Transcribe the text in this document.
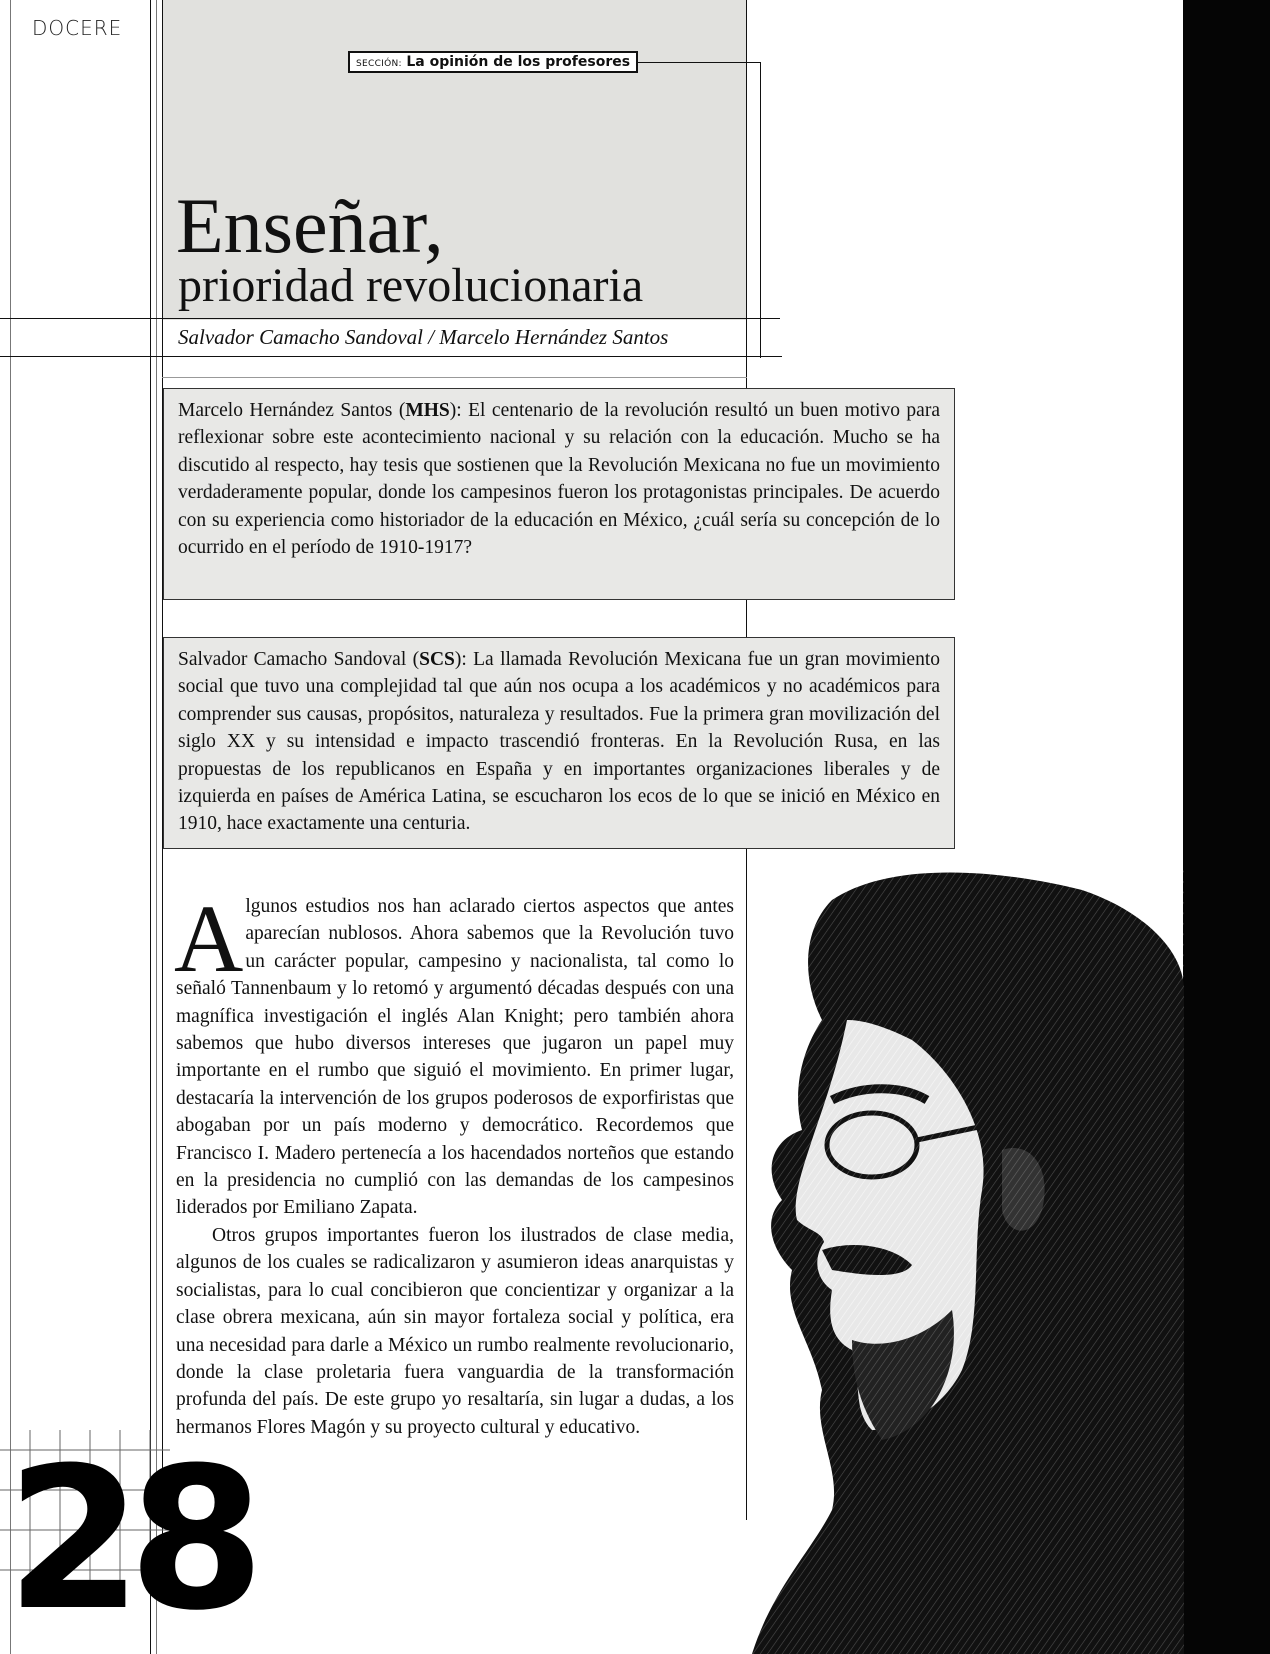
DOCERE
SECCIÓN: La opinión de los profesores
Enseñar,
prioridad revolucionaria
Salvador Camacho Sandoval / Marcelo Hernández Santos
Marcelo Hernández Santos (MHS): El centenario de la revolución resultó un buen motivo para reflexionar sobre este acontecimiento nacional y su relación con la educación. Mucho se ha discutido al respecto, hay tesis que sostienen que la Revolución Mexicana no fue un movimiento verdaderamente popular, donde los campesinos fueron los protagonistas principales. De acuerdo con su experiencia como historiador de la educación en México, ¿cuál sería su concepción de lo ocurrido en el período de 1910-1917?
Salvador Camacho Sandoval (SCS): La llamada Revolución Mexicana fue un gran movimiento social que tuvo una complejidad tal que aún nos ocupa a los académicos y no académicos para comprender sus causas, propósitos, naturaleza y resultados. Fue la primera gran movilización del siglo XX y su intensidad e impacto trascendió fronteras. En la Revolución Rusa, en las propuestas de los republicanos en España y en importantes organizaciones liberales y de izquierda en países de América Latina, se escucharon los ecos de lo que se inició en México en 1910, hace exactamente una centuria.

Algunos estudios nos han aclarado ciertos aspectos que antes aparecían nublosos. Ahora sabemos que la Revolución tuvo un carácter popular, campesino y nacionalista, tal como lo señaló Tannenbaum y lo retomó y argumentó décadas después con una magnífica investigación el inglés Alan Knight; pero también ahora sabemos que hubo diversos intereses que jugaron un papel muy importante en el rumbo que siguió el movimiento. En primer lugar, destacaría la intervención de los grupos poderosos de exporfiristas que abogaban por un país moderno y democrático. Recordemos que Francisco I. Madero pertenecía a los hacendados norteños que estando en la presidencia no cumplió con las demandas de los campesinos liderados por Emiliano Zapata.

Otros grupos importantes fueron los ilustrados de clase media, algunos de los cuales se radicalizaron y asumieron ideas anarquistas y socialistas, para lo cual concibieron que concientizar y organizar a la clase obrera mexicana, aún sin mayor fortaleza social y política, era una necesidad para darle a México un rumbo realmente revolucionario, donde la clase proletaria fuera vanguardia de la transformación profunda del país. De este grupo yo resaltaría, sin lugar a dudas, a los hermanos Flores Magón y su proyecto cultural y educativo.

28
